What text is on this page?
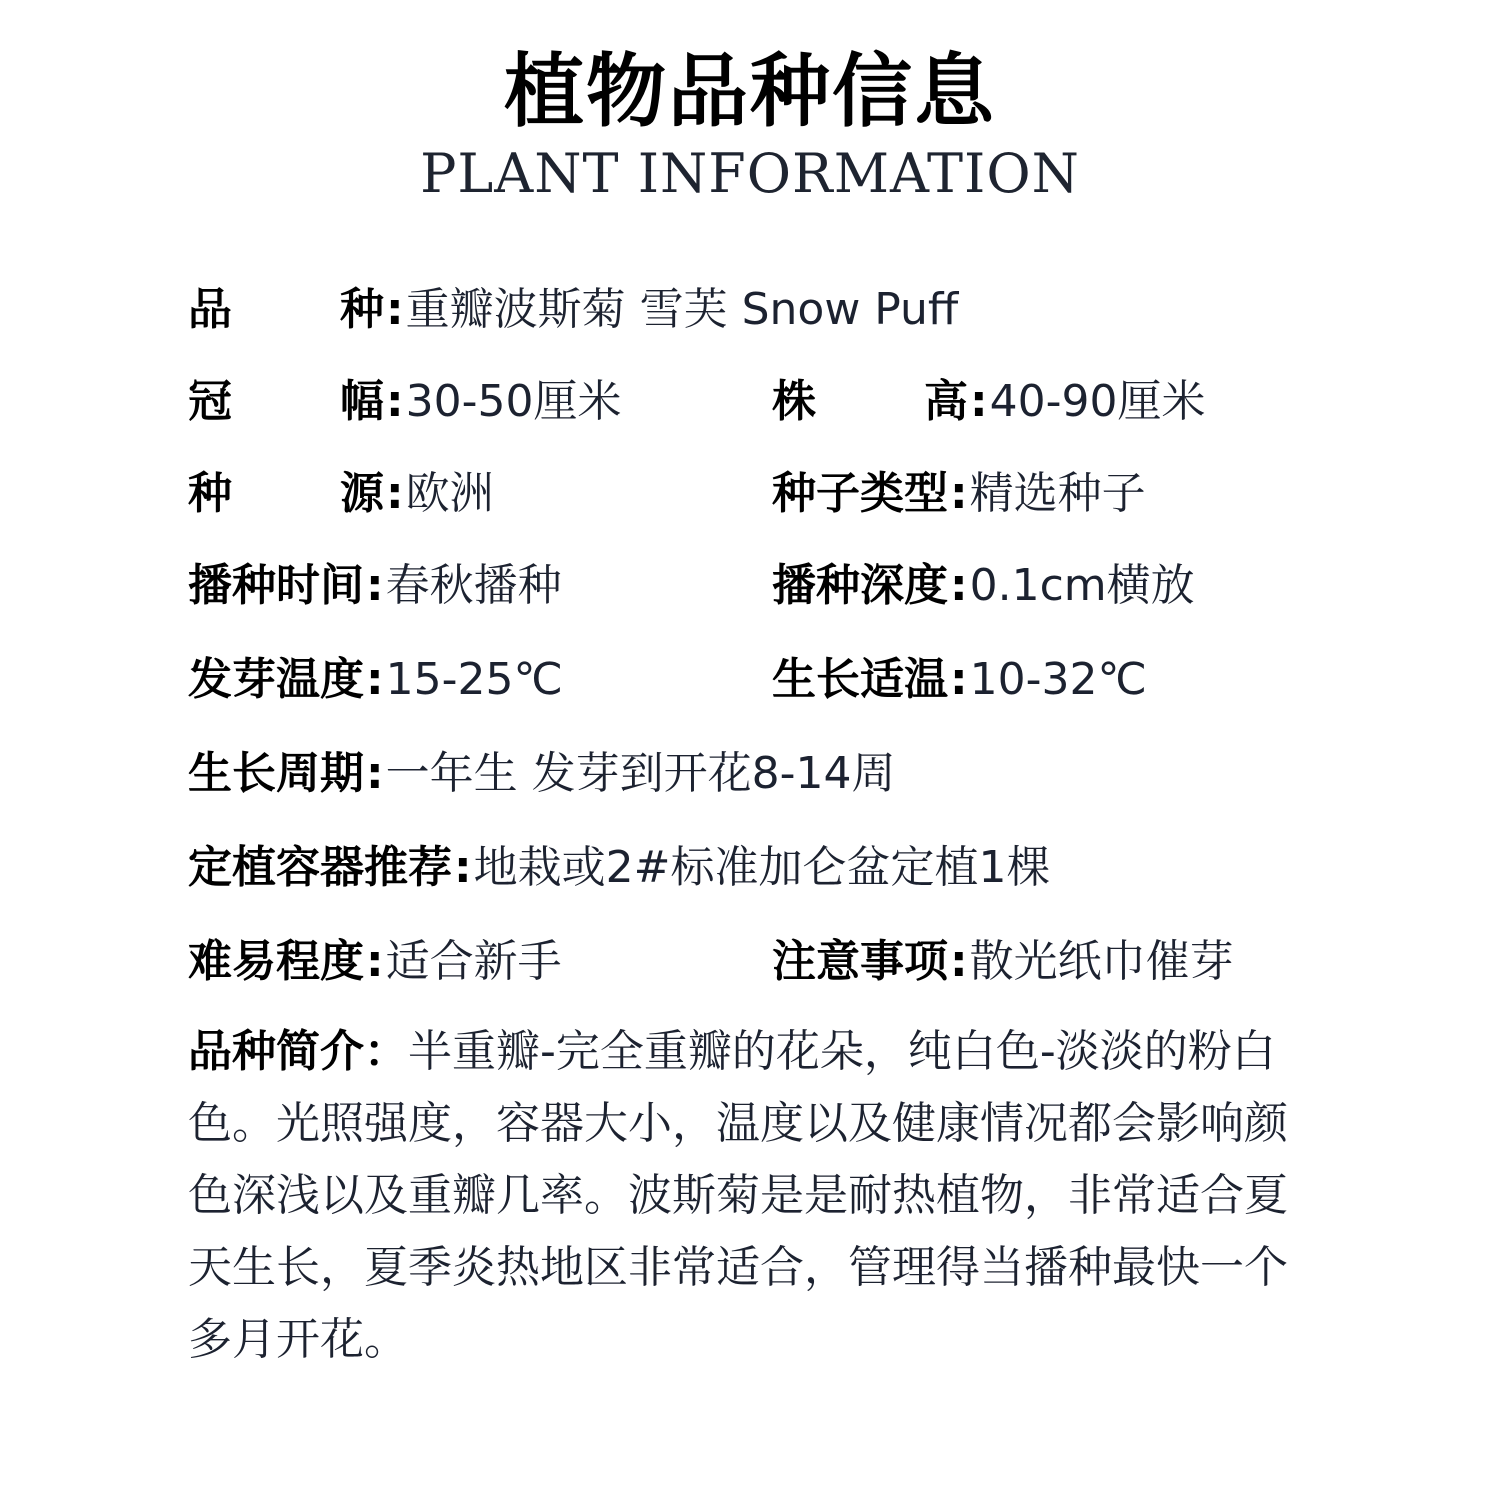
植物品种信息
PLANT INFORMATION
品 种 : 重瓣波斯菊 雪芙 Snow Puff
冠 幅 : 30-50厘米	株 高 : 40-90厘米
种 源 : 欧洲	种子类型 : 精选种子
播种时间 : 春秋播种	播种深度 : 0.1cm横放
发芽温度 : 15-25℃	生长适温 : 10-32℃
生长周期 : 一年生 发芽到开花8-14周
定植容器推荐 : 地栽或2#标准加仑盆定植1棵
难易程度 : 适合新手	注意事项 : 散光纸巾催芽
品种简介：半重瓣-完全重瓣的花朵，纯白色-淡淡的粉白色。光照强度，容器大小，温度以及健康情况都会影响颜色深浅以及重瓣几率。波斯菊是是耐热植物，非常适合夏天生长，夏季炎热地区非常适合，管理得当播种最快一个多月开花。
